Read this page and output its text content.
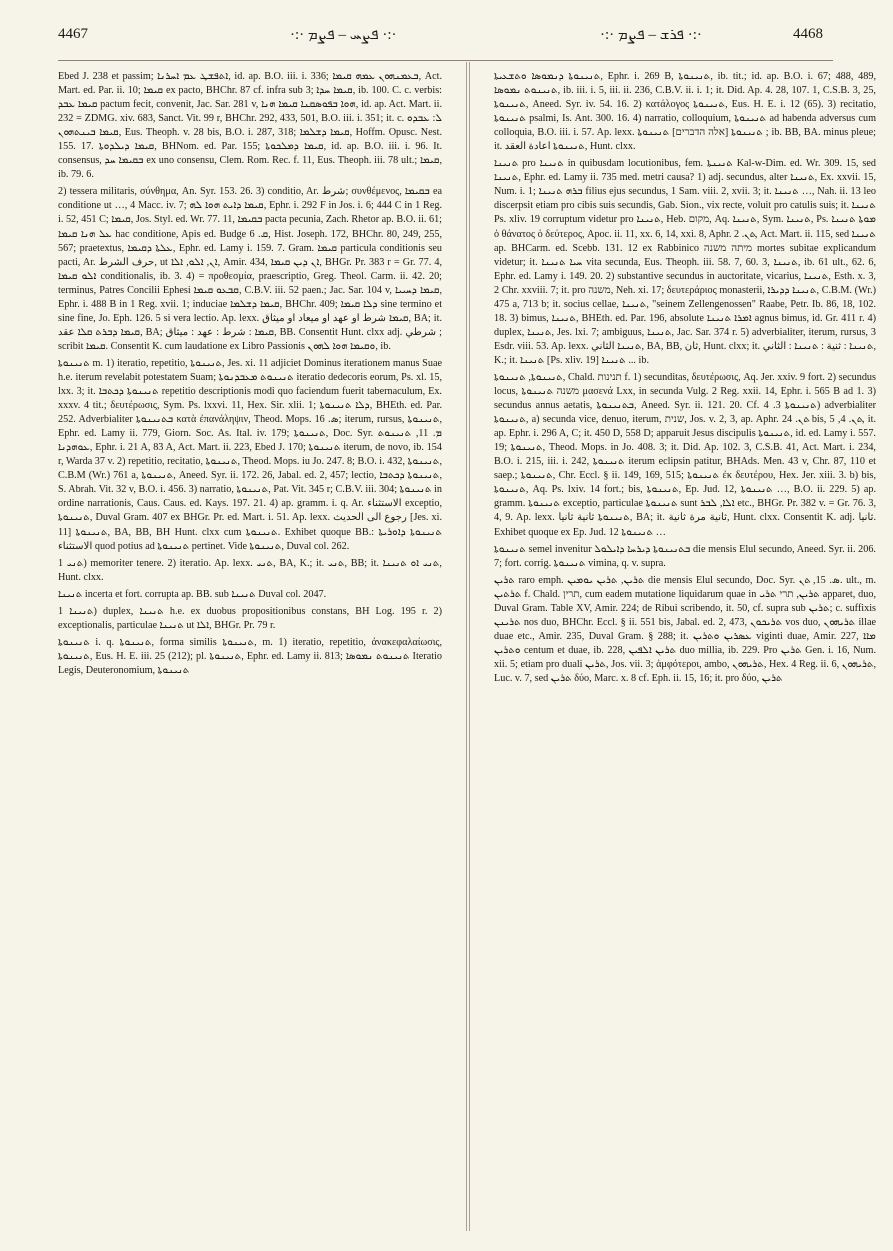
4467	·:· ܦܨܚ – ܦܨܡ ·:·	·:· ܦܪܫ – ܦܨܡ ·:·	4468

Ebed J. 238 et passim; ܐܬܦܫܛ ܥܡ ܐܚܪܢܐ, id. ap. B.O. iii. i. 336; ܒܥܡܢܗܘܢ ܥܡܗ ܩܝܡܐ, Act. Mart. ed. Par. ii. 10; ܩܝܡܐ ex pacto, BHChr. 87 cf. infra sub 3; ܩܝܡܐ ܚܕܐ, ib. 100. C. c. verbis: ܩܝܡܐ ܥܒܕ pactum fecit, convenit, Jac. Sar. 281 v, ܗܘܐ ܒܦܘܣܩܢܐ ܩܝܡܐ ܗܢܐ, id. ap. Act. Mart. ii. 232 = ZDMG. xiv. 683, Sanct. Vit. 99 r, BHChr. 292, 433, 501, B.O. iii. i. 351; it. c. ܠ: ܥܒܕܘ ܩܝܡܐ ܒܝܢܬܗܘܢ, Eus. Theoph. v. 28 bis, B.O. i. 287, 318; ܩܝܡܐ ܕܫܠܡܐ, Hoffm. Opusc. Nest. 155. 17. ܩܝܡܐ ܕܝܠܕܘܬܐ, BHNom. ed. Par. 155; ܩܝܡܐ ܕܡܠܟܘܬܐ, id. ap. B.O. iii. i. 96. It. consensus, ܒܩܝܡܐ ܚܕ ex uno consensu, Clem. Rom. Rec. f. 11, Eus. Theoph. iii. 78 ult.; ܩܝܡܐ, ib. 79. 6.

2) tessera militaris, σύνθημα, An. Syr. 153. 26. 3) conditio, Ar. شرط; συνθέμενος, ܒܩܝܡܐ ea conditione ut …, 4 Macc. iv. 7; ܩܝܡܐ ܕܐܝܬ ܗܘܐ ܠܗ, Ephr. i. 292 F in Jos. i. 6; 444 C in 1 Reg. i. 52, 451 C; ܩܝܡܐ, Jos. Styl. ed. Wr. 77. 11, ܒܩܝܡܐ pacta pecunia, Zach. Rhetor ap. B.O. ii. 61; ܥܠ ܗܢܐ ܩܝܡܐ hac conditione, Apis ed. Budge ܩ. 6, Hist. Joseph. 172, BHChr. 80, 249, 255, 567; praetextus, ܥܠܬܐ ܕܩܝܡܐ, Ephr. ed. Lamy i. 159. 7. Gram. ܩܝܡܐ particula conditionis seu pacti, Ar. حرف الشرط, ut ܐܢ, ܐܠܘ, ܐܠܐ, Amir. 434, ܐܢ ܕܝܢ ܩܝܡܐ, BHGr. Pr. 383 r = Gr. 77. 4, ܐܠܘ ܩܝܡܐ conditionalis, ib. 3. 4) = προθεσμία, praescriptio, Greg. Theol. Carm. ii. 42. 20; terminus, Patres Concilii Ephesi ܩܒܥܘ ܩܝܡܐ, C.B.V. iii. 52 paen.; Jac. Sar. 104 v, ܩܝܡܐ ܕܚܝܝܐ, Ephr. i. 488 B in 1 Reg. xvii. 1; induciae ܩܝܡܐ ܕܫܠܡܐ, BHChr. 409; ܕܠܐ ܩܝܡܐ sine termino et sine fine, Jo. Eph. 126. 5 si vera lectio. Ap. lexx. ܩܝܡܐ شرط او عهد او ميعاد او ميثاق, BA; it. ܩܝܡܐ ܕܒܪܬ ܩܠܐ عقد, BA; ܩܝܡܐ : شرط : عهد : ميثاق, BB. Consentit Hunt. clxx adj. شرطي ; scribit ܩܝܡܐ. Consentit K. cum laudatione ex Libro Passionis ܘܩܝܡܐ ܗܘܐ ܠܗܘܢ, ib.

ܬܢܝܢܘܬܐ m. 1) iteratio, repetitio, ܬܢܝܢܘܬܐ, Jes. xi. 11 adjiciet Dominus iterationem manus Suae h.e. iterum revelabit potestatem Suam; ܬܢܝܢܘܬ ܡܥܒܕܢܘܬܐ iteratio dedecoris eorum, Ps. xl. 15, lxx. 3; it. ܬܢܝܢܘܬܐ ܕܟܬܒܐ repetitio descriptionis modi quo faciendum fuerit tabernaculum, Ex. xxxv. 4 tit.; δευτέρωσις, Sym. Ps. lxxvi. 11, Hex. Sir. xlii. 1; ܕܠܐ ܬܢܝܢܘܬܐ, BHEth. ed. Par. 252. Adverbialiter ܒܬܢܝܢܘܬܐ κατὰ ἐπανάληψιν, Theod. Mops. ܣ. 16; iterum, rursus, ܬܢܝܢܘܬܐ, Ephr. ed. Lamy ii. 779, Giorn. Soc. As. Ital. iv. 179; ܬܢܝܢܘܬܐ, Doc. Syr. ܡ. 11, ܬܢܝܢܘܬ ܥܘܗܕܢܐ, Ephr. i. 21 A, 83 A, Act. Mart. ii. 223, Ebed J. 170; ܬܢܝܢܘܬܐ iterum, de novo, ib. 154 r, Warda 37 v. 2) repetitio, recitatio, ܬܢܝܢܘܬܐ, Theod. Mops. iu Jo. 247. 8; B.O. i. 432, ܬܢܝܢܘܬܐ, C.B.M (Wr.) 761 a, ܬܢܝܢܘܬܐ, Aneed. Syr. ii. 172. 26, Jabal. ed. 2, 457; lectio, ܬܢܝܢܘܬܐ ܕܟܬܒܐ, S. Abrah. Vit. 32 v, B.O. i. 456. 3) narratio, ܬܢܝܢܘܬܐ, Pat. Vit. 345 r; C.B.V. iii. 304; ܬܢܝܢܘܬܐ in ordine narrationis, Caus. Caus. ed. Kays. 197. 21. 4) ap. gramm. i. q. Ar. الاستثناء exceptio, ܬܢܝܢܘܬܐ, Duval Gram. 407 ex BHGr. Pr. ed. Mart. i. 51. Ap. lexx. رجوع الى الحديث [Jes. xi. 11] ܬܢܝܢܘܬܐ, BA, BB, BH Hunt. clxx cum ܬܢܝܢܘܬܐ. Exhibet quoque BB.: ܬܢܝܢܘܬܐ ܕܐܘܪܝܬܐ الاستثناء quod potius ad ܬܢܝܢܘܬܐ pertinet. Vide ܬܢܝܢܘܬܐ, Duval col. 262.

ܬܢܝ 1) memoriter tenere. 2) iteratio. Ap. lexx. ܬܢܝ, BA, K.; it. ܬܢܝ, BB; it. ܬܢܝ ܐܘ ܬܢܝܢܐ, Hunt. clxx.

ܬܢܝܢܐ incerta et fort. corrupta ap. BB. sub ܬܢܝܢܐ Duval col. 2047.

ܬܢܝܢܐ 1) duplex, ܬܢܝܢܐ h.e. ex duobus propositionibus constans, BH Log. 195 r. 2) exceptionalis, particulae ܬܢܝܢܐ ut ܐܠܐ, BHGr. Pr. 79 r.

ܬܢܝܢܘܬܐ i. q. ܬܢܝܢܘܬܐ, forma similis ܬܢܝܢܘܬܐ, m. 1) iteratio, repetitio, ἀνακεφαλαίωσις, ܬܢܝܢܘܬܐ, Eus. H. E. iii. 25 (212); pl. ܬܢܝܢܘܬܐ, Ephr. ed. Lamy ii. 813; ܬܢܝܢܘܬ ܢܡܘܣܐ Iteratio Legis, Deuteronomium, ܬܢܝܢܘܬܐ

ܬܢܝܢܘܬܐ ܕܢܡܘܣܐ ܘܬܫܥܝܬܐ, Ephr. i. 269 B, ܬܢܝܢܘܬܐ, ib. tit.; id. ap. B.O. i. 67; 488, 489, ܬܢܝܢܘܬ ܢܡܘܣܐ, ib. iii. i. 5, iii. ii. 236, C.B.V. ii. i. 1; it. Did. Ap. 4. 28, 107. 1, C.S.B. 3, 25, ܬܢܝܢܘܬܐ, Aneed. Syr. iv. 54. 16. 2) κατάλογος ܬܢܝܢܘܬܐ, Eus. H. E. i. 12 (65). 3) recitatio, ܬܢܝܢܘܬܐ psalmi, Is. Ant. 300. 16. 4) narratio, colloquium, ܬܢܝܢܘܬܐ ad habenda adversus cum colloquia, B.O. iii. i. 57. Ap. lexx. ܬܢܝܢܘܬܐ [אלה הדברים] ܬܢܝܢܘܬܐ ; ib. BB, BA. minus pleue; it. ܬܢܝܢܘܬܐ اعادة العقد, Hunt. clxx.

ܬܢܝܢܐ pro ܬܢܝܢܐ in quibusdam locutionibus, fem. ܬܢܝܢܬܐ Kal-w-Dim. ed. Wr. 309. 15, sed ܬܢܝܢܐ, Ephr. ed. Lamy ii. 735 med. metri causa? 1) adj. secundus, alter ܬܢܝܢܐ, Ex. xxvii. 15, Num. i. 1; ܒܪܗ ܬܢܝܢܐ filius ejus secundus, 1 Sam. viii. 2, xvii. 3; it. ܬܢܝܢܐ …, Nah. ii. 13 leo discerpsit etiam pro cibis suis secundis, Gab. Sion., vix recte, voluit pro catulis suis; it. ܬܢܝܢܐ Ps. xliv. 19 corruptum videtur pro ܬܢܝܢܐ, Heb. מקום, Aq. ܬܢܝܢܐ, Sym. ܬܢܝܢܐ, Ps. ܡܘܬܐ ܬܢܝܢܐ ὁ θάνατος ὁ δεύτερος, Apoc. ii. 11, xx. 6, 14, xxi. 8, Aphr. ܬܢ. 2, Act. Mart. ii. 115, sed ܬܢܝܢܐ ap. BHCarm. ed. Scebb. 131. 12 ex Rabbinico מיתה משנה mortes subitae explicandum videtur; it. ܚܝܐ ܬܢܝܢܐ vita secunda, Eus. Theoph. iii. 58. 7, 60. 3, ܬܢܝܢܐ, ib. 61 ult., 62. 6, Ephr. ed. Lamy i. 149. 20. 2) substantive secundus in auctoritate, vicarius, ܬܢܝܢܐ, Esth. x. 3, 2 Chr. xxviii. 7; it. pro משנה, Neh. xi. 17; δευτεράριος monasterii, ܬܢܝܢܐ ܕܕܝܪܐ, C.B.M. (Wr.) 475 a, 713 b; it. socius cellae, ܬܢܝܢܐ, "seinem Zellengenossen" Raabe, Petr. Ib. 86, 18, 102. 18. 3) bimus, ܬܢܝܢܐ, BHEth. ed. Par. 196, absolute ܐܡܪܐ ܬܢܝܢܐ agnus bimus, id. Gr. 411 r. 4) duplex, ܬܢܝܢܐ, Jes. lxi. 7; ambiguus, ܬܢܝܢܐ, Jac. Sar. 374 r. 5) adverbialiter, iterum, rursus, 3 Esdr. viii. 53. Ap. lexx. ܬܢܝܢܐ الثاني, BA, BB, ثان, Hunt. clxx; it. ܬܢܝܢܐ : ثنية : ܬܢܝܢܐ : الثاني, K.; it. ܬܢܝܢܐ [Ps. xliv. 19] ܬܢܝܢܐ ... ib.

ܬܢܝܢܘܬܐ, ܬܢܝܢܘܬܐ, Chald. תנינות f. 1) secunditas, δευτέρωσις, Aq. Jer. xxiv. 9 fort. 2) secundus locus, משנה ܬܢܝܢܘܬܐ μασενά Lxx, in secunda Vulg. 2 Reg. xxii. 14, Ephr. i. 565 B ad 1. 3) secundus annus aetatis, ܒܬܢܝܢܘܬܐ, Aneed. Syr. ii. 121. 20. Cf. ܬܢܝܢܘܬܐ 3. 4) adverbialiter ܬܢܝܢܘܬܐ, a) secunda vice, denuo, iterum, שנית, Jos. v. 2, 3, ap. Aphr. ܬܢ. 24 bis, ܬܢ. 4, 5, it. ap. Ephr. i. 296 A, C; it. 450 D, 558 D; apparuit Jesus discipulis ܬܢܝܢܘܬܐ, id. ed. Lamy i. 557. 19; ܬܢܝܢܘܬܐ, Theod. Mops. in Jo. 408. 3; it. Did. Ap. 102. 3, C.S.B. 41, Act. Mart. i. 234, B.O. i. 215, iii. i. 242, ܬܢܝܢܘܬܐ iterum eclipsin patitur, BHAds. Men. 43 v, Chr. 87, 110 et saep.; ܬܢܝܢܘܬܐ, Chr. Eccl. § ii. 149, 169, 515; ܬܢܝܢܘܬܐ ἐκ δευτέρου, Hex. Jer. xiii. 3. b) bis, ܬܢܝܢܘܬܐ, Aq. Ps. lxiv. 14 fort.; bis, ܬܢܝܢܘܬܐ, Ep. Jud. 12, ܬܢܝܢܘܬܐ …, B.O. ii. 229. 5) ap. gramm. ܬܢܝܢܘܬܐ exceptio, particulae ܬܢܝܢܘܬܐ sunt ܐܠܐ, ܠܒܪ etc., BHGr. Pr. 382 v. = Gr. 76. 3, 4, 9. Ap. lexx. ܬܢܝܢܘܬܐ ثانية ثانيا, BA; it. ثانية مرة ثانية, Hunt. clxx. Consentit K. adj. ثانيا. Exhibet quoque ex Ep. Jud. 12 ܬܢܝܢܘܬܐ …

ܬܢܝܢܘܬܐ semel invenitur ܒܬܢܝܢܘܬܐ ܕܝܪܚܐ ܕܐܝܠܘܠ die mensis Elul secundo, Aneed. Syr. ii. 206. 7; fort. corrig. ܬܢܝܢܘܬܐ vimina, q. v. supra.

ܬܪܝܢ raro emph. ܬܪܝܢ, ܬܪܝܢ ܝܘܡܝܢ die mensis Elul secundo, Doc. Syr. ܣ. 15, ܬܢ. ult., m. ܬܪܬܝܢ f. Chald. תרין, cum eadem mutatione liquidarum quae in ܬܪܝܢ, תרי ܬܪܝ apparet, duo, Duval Gram. Table XV, Amir. 224; de Ribui scribendo, it. 50, cf. supra sub ܬܪܝܢ; c. suffixis ܬܪܝܢܢ nos duo, BHChr. Eccl. § ii. 551 bis, Jabal. ed. 2, 473, ܬܪܝܟܘܢ vos duo, ܬܪܝܗܘܢ illae duae etc., Amir. 235, Duval Gram. § 288; it. ܥܣܪܝܢ ܘܬܪܝܢ viginti duae, Amir. 227, ܡܐܐ ܘܬܪܝܢ centum et duae, ib. 228, ܬܪܝܢ ܐܠܦܝܢ duo millia, ib. 229. Pro ܬܪܝܢ Gen. i. 16, Num. xii. 5; etiam pro duali ܬܪܝܢ, Jos. vii. 3; ἀμφότεροι, ambo, ܬܪܝܗܘܢ, Hex. 4 Reg. ii. 6, ܬܪܝܗܘܢ, Luc. v. 7, sed ܬܪܝܢ δύο, Marc. x. 8 cf. Eph. ii. 15, 16; it. pro δύο, ܬܪܝܢ
